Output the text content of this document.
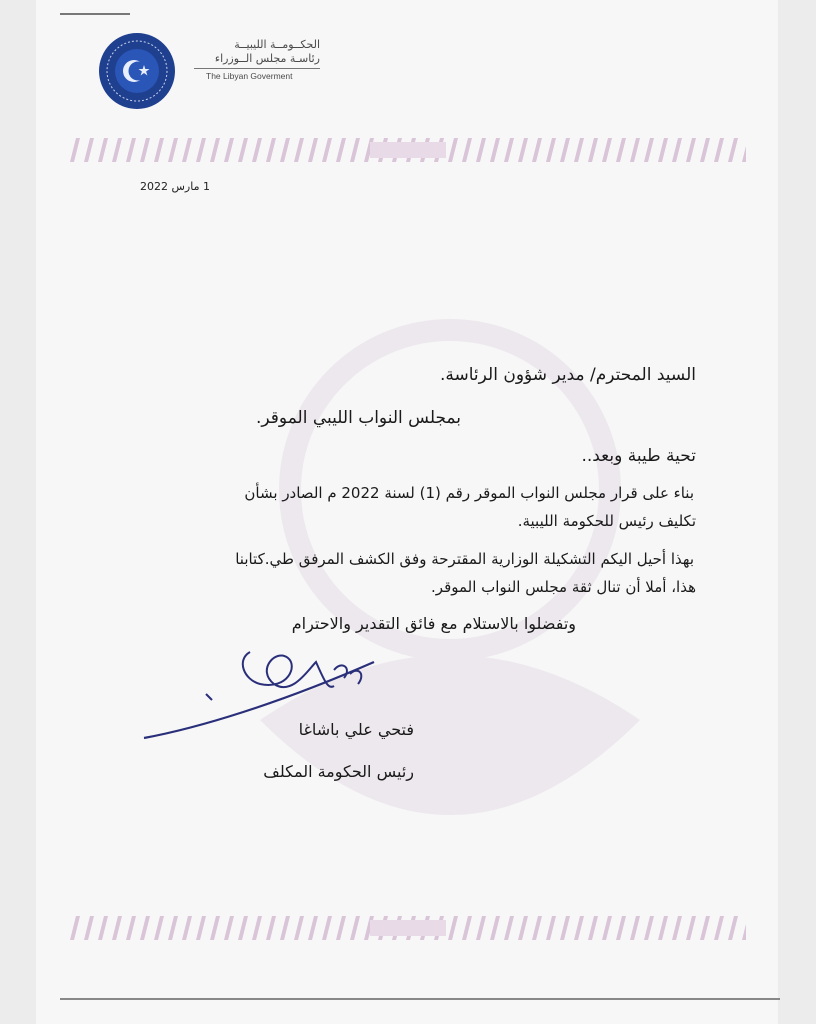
الحكــومــة الليبيــة
رئاسـة مجلس الــوزراء
The Libyan Goverment
1 مارس 2022
السيد المحترم/ مدير شؤون الرئاسة.
بمجلس النواب الليبي الموقر.
تحية طيبة وبعد..
بناء على قرار مجلس النواب الموقر رقم (1) لسنة 2022 م الصادر بشأن
تكليف رئيس للحكومة الليبية.
بهذا أحيل اليكم التشكيلة الوزارية المقترحة وفق الكشف المرفق طي.كتابنا
هذا، أملا أن تنال ثقة مجلس النواب الموقر.
وتفضلوا بالاستلام مع فائق التقدير والاحترام
فتحي علي باشاغا
رئيس الحكومة المكلف
